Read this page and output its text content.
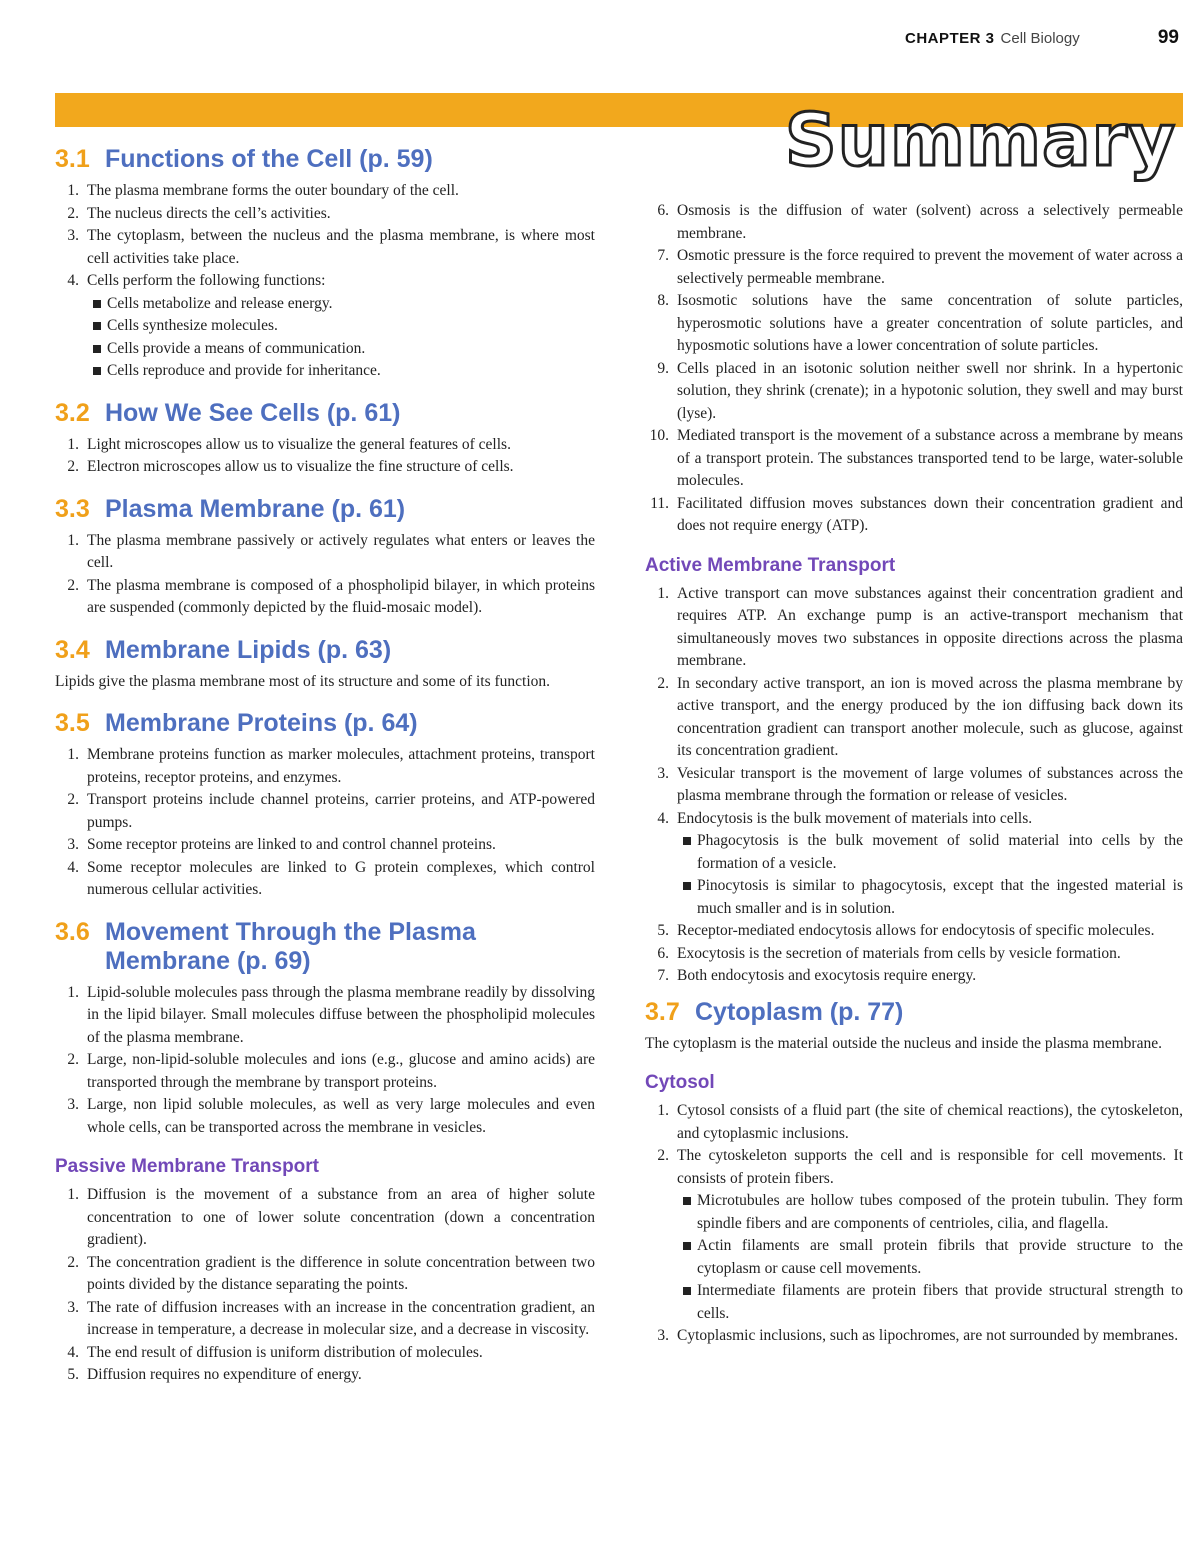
CHAPTER 3 Cell Biology	99
Summary
3.1 Functions of the Cell (p. 59)
1. The plasma membrane forms the outer boundary of the cell.
2. The nucleus directs the cell’s activities.
3. The cytoplasm, between the nucleus and the plasma membrane, is where most cell activities take place.
4. Cells perform the following functions:
Cells metabolize and release energy.
Cells synthesize molecules.
Cells provide a means of communication.
Cells reproduce and provide for inheritance.
3.2 How We See Cells (p. 61)
1. Light microscopes allow us to visualize the general features of cells.
2. Electron microscopes allow us to visualize the fine structure of cells.
3.3 Plasma Membrane (p. 61)
1. The plasma membrane passively or actively regulates what enters or leaves the cell.
2. The plasma membrane is composed of a phospholipid bilayer, in which proteins are suspended (commonly depicted by the fluid-mosaic model).
3.4 Membrane Lipids (p. 63)

Lipids give the plasma membrane most of its structure and some of its function.

3.5 Membrane Proteins (p. 64)
1. Membrane proteins function as marker molecules, attachment proteins, transport proteins, receptor proteins, and enzymes.
2. Transport proteins include channel proteins, carrier proteins, and ATP-powered pumps.
3. Some receptor proteins are linked to and control channel proteins.
4. Some receptor molecules are linked to G protein complexes, which control numerous cellular activities.
3.6 Movement Through the Plasma Membrane (p. 69)
1. Lipid-soluble molecules pass through the plasma membrane readily by dissolving in the lipid bilayer. Small molecules diffuse between the phospholipid molecules of the plasma membrane.
2. Large, non-lipid-soluble molecules and ions (e.g., glucose and amino acids) are transported through the membrane by transport proteins.
3. Large, non lipid soluble molecules, as well as very large molecules and even whole cells, can be transported across the membrane in vesicles.
Passive Membrane Transport
1. Diffusion is the movement of a substance from an area of higher solute concentration to one of lower solute concentration (down a concentration gradient).
2. The concentration gradient is the difference in solute concentration between two points divided by the distance separating the points.
3. The rate of diffusion increases with an increase in the concentration gradient, an increase in temperature, a decrease in molecular size, and a decrease in viscosity.
4. The end result of diffusion is uniform distribution of molecules.
5. Diffusion requires no expenditure of energy.
6. Osmosis is the diffusion of water (solvent) across a selectively permeable membrane.
7. Osmotic pressure is the force required to prevent the movement of water across a selectively permeable membrane.
8. Isosmotic solutions have the same concentration of solute particles, hyperosmotic solutions have a greater concentration of solute particles, and hyposmotic solutions have a lower concentration of solute particles.
9. Cells placed in an isotonic solution neither swell nor shrink. In a hypertonic solution, they shrink (crenate); in a hypotonic solution, they swell and may burst (lyse).
10. Mediated transport is the movement of a substance across a membrane by means of a transport protein. The substances transported tend to be large, water-soluble molecules.
11. Facilitated diffusion moves substances down their concentration gradient and does not require energy (ATP).
Active Membrane Transport
1. Active transport can move substances against their concentration gradient and requires ATP. An exchange pump is an active-transport mechanism that simultaneously moves two substances in opposite directions across the plasma membrane.
2. In secondary active transport, an ion is moved across the plasma membrane by active transport, and the energy produced by the ion diffusing back down its concentration gradient can transport another molecule, such as glucose, against its concentration gradient.
3. Vesicular transport is the movement of large volumes of substances across the plasma membrane through the formation or release of vesicles.
4. Endocytosis is the bulk movement of materials into cells.
Phagocytosis is the bulk movement of solid material into cells by the formation of a vesicle.
Pinocytosis is similar to phagocytosis, except that the ingested material is much smaller and is in solution.
5. Receptor-mediated endocytosis allows for endocytosis of specific molecules.
6. Exocytosis is the secretion of materials from cells by vesicle formation.
7. Both endocytosis and exocytosis require energy.
3.7 Cytoplasm (p. 77)

The cytoplasm is the material outside the nucleus and inside the plasma membrane.

Cytosol
1. Cytosol consists of a fluid part (the site of chemical reactions), the cytoskeleton, and cytoplasmic inclusions.
2. The cytoskeleton supports the cell and is responsible for cell movements. It consists of protein fibers.
Microtubules are hollow tubes composed of the protein tubulin. They form spindle fibers and are components of centrioles, cilia, and flagella.
Actin filaments are small protein fibrils that provide structure to the cytoplasm or cause cell movements.
Intermediate filaments are protein fibers that provide structural strength to cells.
3. Cytoplasmic inclusions, such as lipochromes, are not surrounded by membranes.
